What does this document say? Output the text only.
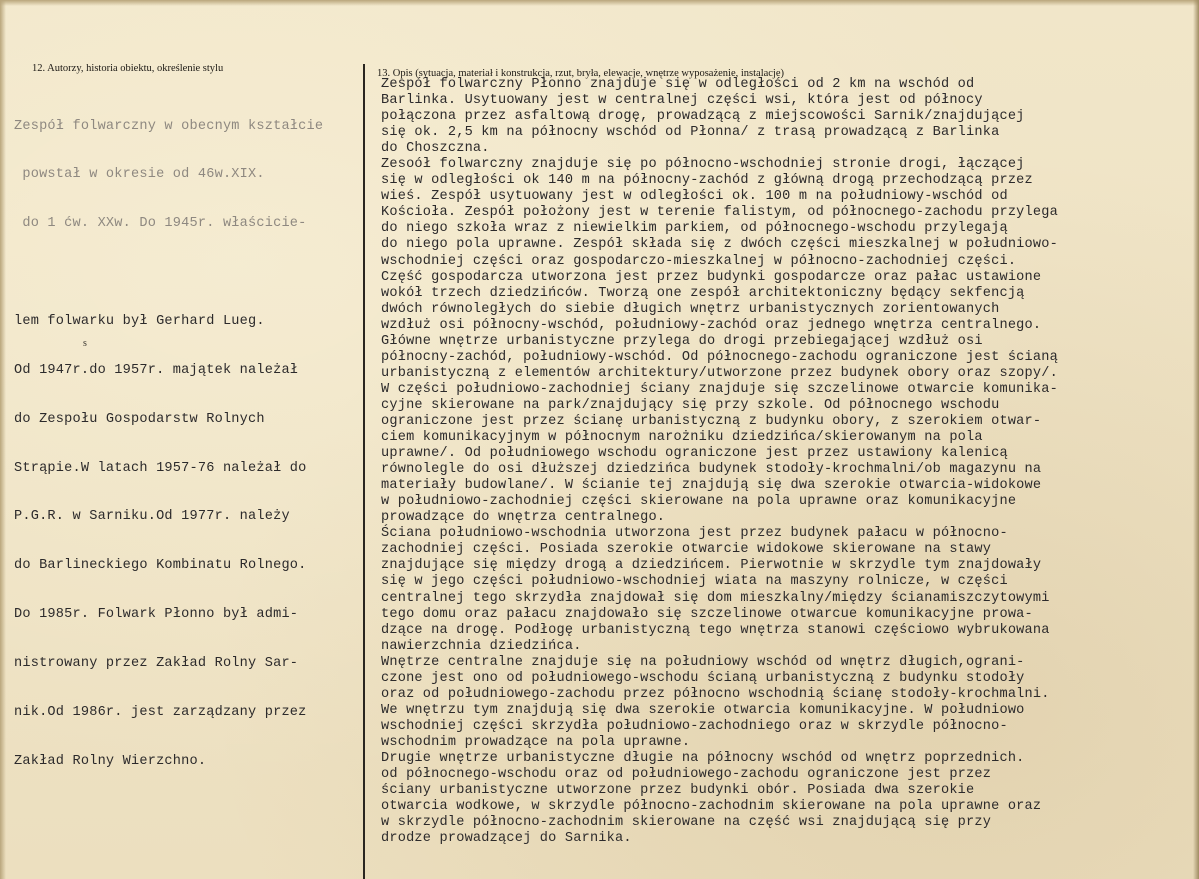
12. Autorzy, historia obiektu, określenie stylu	13. Opis (sytuacja, materiał i konstrukcja, rzut, bryła, elewacje, wnętrze wyposażenie, instalacje)

Zespół folwarczny w obecnym kształcie

powstał w okresie od 46w.XIX.

do 1 ćw. XXw. Do 1945r. właścicie-

lem folwarku był Gerhard Lueg.

Od 1947r.do 1957r. majątek należał

do Zespołu Gospodarstw Rolnych

Strąpie.W latach 1957-76 należał do

P.G.R. w Sarniku.Od 1977r. należy

do Barlineckiego Kombinatu Rolnego.

Do 1985r. Folwark Płonno był admi-

nistrowany przez Zakład Rolny Sar-

nik.Od 1986r. jest zarządzany przez

Zakład Rolny Wierzchno.

s
Zespół folwarczny Płonno znajduje się w odległości od 2 km na wschód od
Barlinka. Usytuowany jest w centralnej części wsi, która jest od północy
połączona przez asfaltową drogę, prowadzącą z miejscowości Sarnik/znajdującej
się ok. 2,5 km na północny wschód od Płonna/ z trasą prowadzącą z Barlinka
do Choszczna.
Zesoół folwarczny znajduje się po północno-wschodniej stronie drogi, łączącej
się w odległości ok 140 m na północny-zachód z główną drogą przechodzącą przez
wieś. Zespół usytuowany jest w odległości ok. 100 m na południowy-wschód od
Kościoła. Zespół położony jest w terenie falistym, od północnego-zachodu przylega
do niego szkoła wraz z niewielkim parkiem, od północnego-wschodu przylegają
do niego pola uprawne. Zespół składa się z dwóch części mieszkalnej w południowo-
wschodniej części oraz gospodarczo-mieszkalnej w północno-zachodniej części.
Część gospodarcza utworzona jest przez budynki gospodarcze oraz pałac ustawione
wokół trzech dziedzińców. Tworzą one zespół architektoniczny będący sekfencją
dwóch równoległych do siebie długich wnętrz urbanistycznych zorientowanych
wzdłuż osi północny-wschód, południowy-zachód oraz jednego wnętrza centralnego.
Główne wnętrze urbanistyczne przylega do drogi przebiegającej wzdłuż osi
północny-zachód, południowy-wschód. Od północnego-zachodu ograniczone jest ścianą
urbanistyczną z elementów architektury/utworzone przez budynek obory oraz szopy/.
W części południowo-zachodniej ściany znajduje się szczelinowe otwarcie komunika-
cyjne skierowane na park/znajdujący się przy szkole. Od północnego wschodu
ograniczone jest przez ścianę urbanistyczną z budynku obory, z szerokiem otwar-
ciem komunikacyjnym w północnym narożniku dziedzińca/skierowanym na pola
uprawne/. Od południowego wschodu ograniczone jest przez ustawiony kalenicą
równolegle do osi dłuższej dziedzińca budynek stodoły-krochmalni/ob magazynu na
materiały budowlane/. W ścianie tej znajdują się dwa szerokie otwarcia-widokowe
w południowo-zachodniej części skierowane na pola uprawne oraz komunikacyjne
prowadzące do wnętrza centralnego.
Ściana południowo-wschodnia utworzona jest przez budynek pałacu w północno-
zachodniej części. Posiada szerokie otwarcie widokowe skierowane na stawy
znajdujące się między drogą a dziedzińcem. Pierwotnie w skrzydle tym znajdowały
się w jego części południowo-wschodniej wiata na maszyny rolnicze, w części
centralnej tego skrzydła znajdował się dom mieszkalny/między ścianamiszczytowymi
tego domu oraz pałacu znajdowało się szczelinowe otwarcue komunikacyjne prowa-
dzące na drogę. Podłogę urbanistyczną tego wnętrza stanowi częściowo wybrukowana
nawierzchnia dziedzińca.
Wnętrze centralne znajduje się na południowy wschód od wnętrz długich,ograni-
czone jest ono od południowego-wschodu ścianą urbanistyczną z budynku stodoły
oraz od południowego-zachodu przez północno wschodnią ścianę stodoły-krochmalni.
We wnętrzu tym znajdują się dwa szerokie otwarcia komunikacyjne. W południowo
wschodniej części skrzydła południowo-zachodniego oraz w skrzydle północno-
wschodnim prowadzące na pola uprawne.
Drugie wnętrze urbanistyczne długie na północny wschód od wnętrz poprzednich.
od północnego-wschodu oraz od południowego-zachodu ograniczone jest przez
ściany urbanistyczne utworzone przez budynki obór. Posiada dwa szerokie
otwarcia wodkowe, w skrzydle północno-zachodnim skierowane na pola uprawne oraz
w skrzydle północno-zachodnim skierowane na część wsi znajdującą się przy
drodze prowadzącej do Sarnika.
